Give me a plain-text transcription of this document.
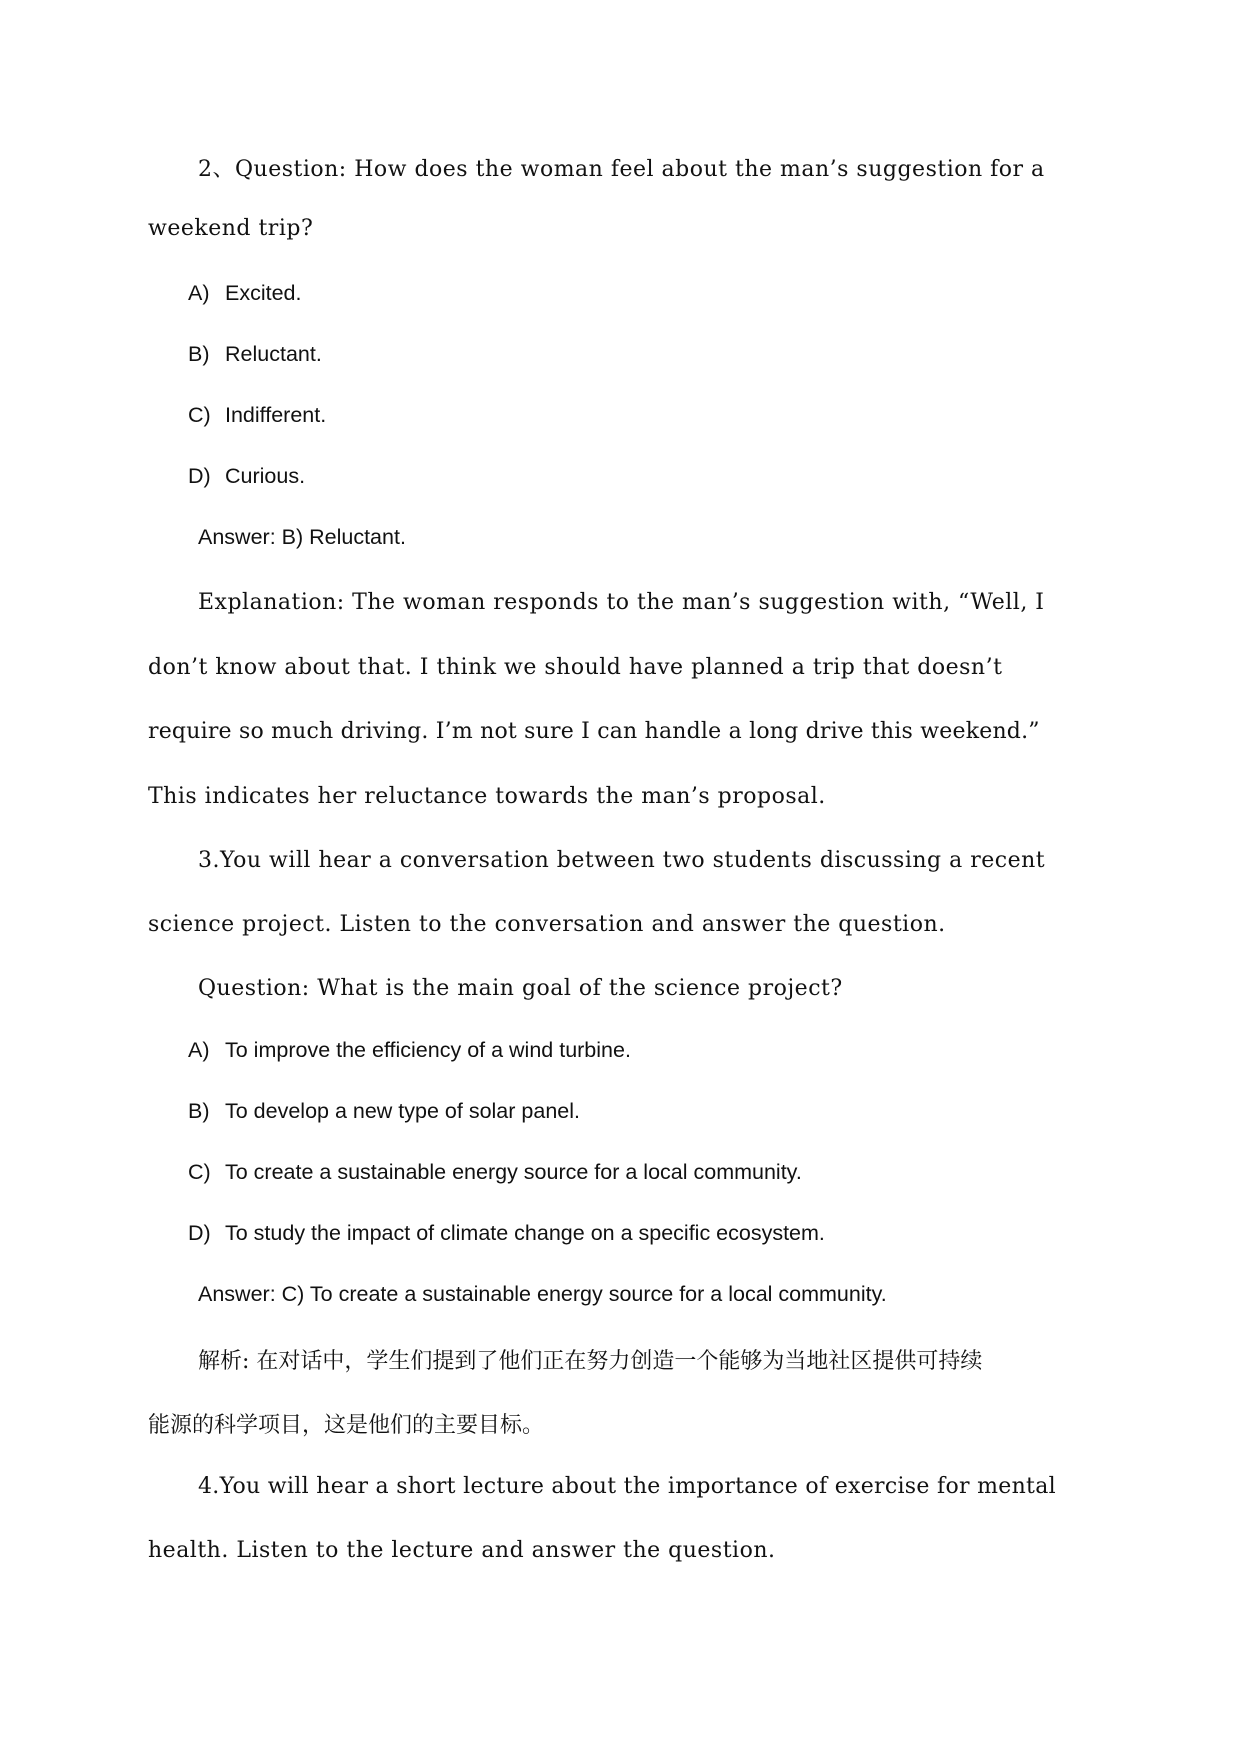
2、Question: How does the woman feel about the man’s suggestion for a
weekend trip?
A) Excited.
B) Reluctant.
C) Indifferent.
D) Curious.
Answer: B) Reluctant.
Explanation: The woman responds to the man’s suggestion with, “Well, I
don’t know about that. I think we should have planned a trip that doesn’t
require so much driving. I’m not sure I can handle a long drive this weekend.”
This indicates her reluctance towards the man’s proposal.
3.You will hear a conversation between two students discussing a recent
science project. Listen to the conversation and answer the question.
Question: What is the main goal of the science project?
A) To improve the efficiency of a wind turbine.
B) To develop a new type of solar panel.
C) To create a sustainable energy source for a local community.
D) To study the impact of climate change on a specific ecosystem.
Answer: C) To create a sustainable energy source for a local community.
解析: 在对话中，学生们提到了他们正在努力创造一个能够为当地社区提供可持续
能源的科学项目，这是他们的主要目标。
4.You will hear a short lecture about the importance of exercise for mental
health. Listen to the lecture and answer the question.
